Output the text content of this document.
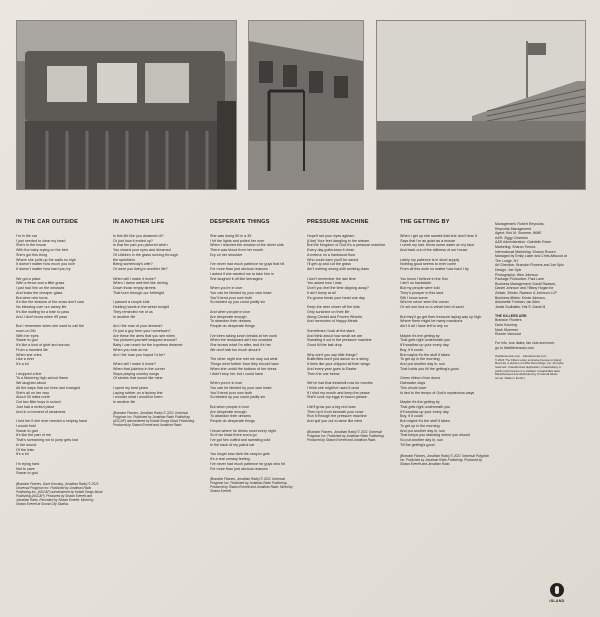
IN THE CAR OUTSIDE
I'm in the car
I just needed to clear my head
She's in the house
With the baby crying on the bed
She's got this thing
Where she pulls up the walls so high
It doesn't matter how much you love
It doesn't matter how hard you try
We got a place
With a fence and a little grass
I just had him on the windows
And leaks the cheaper glass
But when she turns
It's like the shadow of the cross don't cast
No blessing over our weary life
It's like waiting for a train to pass
And I don't know when it'll pass
But I remember when she used to call the
room on 5th
With her eyes
Swear to god
It's like a kind of grief and sorrow
From a haunted life
When she cries
Like a river
It's a lot
I dropped a line
To a flickering high school flame
We laughed about
All the ways that our lives had changed
She's all on her own
About 35 miles north
Got two little boys in school
Just had a rented place
And in a moment of weakness
I told her if she ever needed a helping hand
I would hold
Swear to god
It's like the part of me
That's screaming not to jump gets lost
In the sound
Of the train
It's a lot
I'm trying hard
Not to cave
Swear to god
(Brandon Flowers, Dave Keuning, Jonathan Rado) © 2021 Universal Polyphon Inc. Published by Jonathan Rado Publishing Inc. (ASCAP) administered by Kobalt Songs Music Publishing (ASCAP). Produced by Shawn Everett and Jonathan Rado. Recorded by Shawn Everett. Mixed by Shawn Everett at Sound City Studios.
IN ANOTHER LIFE
Is this life like you dreamed of?
Or just how it ended up?
Is that the part you pictured when
You closed your eyes and dreamed
Of children in the grass running through
the sprinklers
Being somebody's wife?
Or were you living in another life?
When will I make it home?
When I damn well feel like driving
Down those empty streets
That burn through our birthright
I passed a couple kids
Holding hands in the street tonight
They reminded me of us
In another life
Am I the man of your dreams?
Or just a guy from your hometown?
Are these the arms that you see when
You pictured yourself wrapped around?
Baby I can reach for the hopeless dreamer
When you look at me
Am I the man you hoped I'd be?
When will I make it home?
When that jukebox in the corner
Stops playing country songs
Of stories that sound like mine
I spent my best years
Laying rubber on a factory line
I wonder what I would've been
In another life
(Brandon Flowers, Jonathan Rado) © 2021 Universal Polyphon Inc. Published by Jonathan Rado Publishing (ASCAP) administered by Kobalt Songs Music Publishing. Produced by Shawn Everett and Jonathan Rado.
DESPERATE THINGS
She was doing 60 in a 35
I hit the lights and pulled her over
When I reached the window of the driver side
There was blood from her mouth
Dry on her shoulder
I've never had much patience for guys that hit
For more than just obvious reasons
I asked if she wanted me to take him in
She laughed it off like teenagers
When you're in love
You can be blinded by your own heart
You'll bend your own truth
So twisted up you could justify sin
And when people in love
Are desperate enough
To abandon their dreams
People do desperate things
I've been taking lunch breaks at her work
When the restaurant ain't too crowded
She knows what I'm after, and it's her
We don't talk too much about it
The other night she met me way out west
Things went further than they should have
When she undid the buttons of her dress
I didn't stop her, but I could have
When you're in love
You can be blinded by your own heart
You'll bend your own truth
So twisted up you could justify sin
But when people in love
Are desperate enough
To abandon their dreams
People do desperate things
I know where he drinks most every night
So if we head there sun'a go
I've got him cuffed and sweating cold
In the back of my patrol car
You forget how dark the canyon gets
It's a real uneasy feeling
I've never had much patience for guys who hit
For more than just obvious reasons
(Brandon Flowers, Jonathan Rado) © 2021 Universal Polyphon Inc. Published by Jonathan Rado Publishing. Produced by Shawn Everett and Jonathan Rado. Mixed by Shawn Everett.
PRESSURE MACHINE
Hope'll set your eyes aglearn
(Like) Your feet dangling in the stream
But the Kingdom of God it's a pressure machine
Every day gotta keep it clean
A meteor on a hardwood floor
Who could earn you'll be saved
I'll get up and cut the grass
Ain't nothing wrong with working class
I don't remember the last time
You asked how I was
Don't you feel the time slipping away?
It ain't funny at all
It's gonna break your heart one day
Keep the deer closer off the kids
Only sunshine on their life
Along Cricket and Proven Wheels
And memories of Happy Meals
Sometimes I look at the stars
And think about how small we are
Sweating it out in the pressure machine
Good till the last drop
Why don't you say little things?
Butterflies don't just dance on a string
It feels like your chipped all their wings
And every year goes to Easter
Then the one below
We've had that treadmill now for months
I think she might've used it once
If I shut my mouth and keep the peace
She'll cook my eggs in bacon grease
Life'll grow you a big red nose
Then rip it from beneath your nose
Run it through the pressure machine
And spit you out a name like mine
(Brandon Flowers, Jonathan Rado) © 2021 Universal Polyphon Inc. Published by Jonathan Rado Publishing. Produced by Shawn Everett and Jonathan Rado.
THE GETTING BY
When I get up she sweats that she don't hear it
Says that I'm as quiet as a mouse
I comb my hair, throw some water on my face
And back out of the stillness of our house
Lately my patience is in short supply
Nothing good seems to ever come
From all this work no matter how hard I try
You know I believe in the Son
I ain't no backslider
But my people were told
They'd prosper in this land
Still I know some
Who've never seen the ocean
Or set one foot on a velvet bed of sand
But they'll go get their treasure laying way up high
Where there might be many mansions
Ain't it all I have left to rely on
Maybe it's the getting by
That gets right underneath you
It'll swallow up your every day
Boy, if it could
But maybe it's the stuff it takes
To get up in the morning
And put another day in, son
That holds you till the getting's good
Green ribbon from doors
Dishwater days
This whole town
Is tied to the tempo of God's mysterious ways
Maybe it's the getting by
That gets right underneath you
It'll swallow up your every day
Boy, if it could
But maybe it's the stuff it takes
To get up in the morning
And put another day in, son
That keeps you standing where you should
So put another day in, son
Till the getting's good
(Brandon Flowers, Jonathan Rado) © 2021 Universal Polyphon Inc. Published by Jonathan Rado Publishing. Produced by Shawn Everett and Jonathan Rado.
Management: Robert Reynolds,
Reynolds Management
Agent: Kirk M. Sommer, WME
A&R: Ziggy Chareton
A&R Administration: Gabrielle Rowe
Marketing: Sharon Timura
International Marketing: Sharon Rowen
Managed by Emily Laser and Chris Attwood at
The Lodge, NY
Art Direction: Brandon Flowers and Joe Spix
Design: Joe Spix
Photography: Wes Johnson
Package Production: Paul Lane
Business Management: David Rawson,
Daniel Johnson and Tiffany Hogan for
Zeisler, Zeisler, Rawson & Johnson LLP
Business Affairs: Krista Johnson,
Antoinette Trotman, Ian Allen
Jamie Sudhalter, Hal S. David III
THE KILLERS ARE:
Brandon Flowers
Dave Keuning
Mark Stoermer
Ronnie Vannucci
For info, tour dates, fan club and more,
go to thekillersmusic.com
thekillersmusic.com · islandrecords.com
© 2021 The Killers under exclusive license to Island
Records, a division of UMG Recordings, Inc. All rights
reserved. Unauthorized duplication, broadcasting or
public performance is a violation of applicable laws.
Manufactured and distributed by Universal Music
Group. Made in the EU.
ISLAND
